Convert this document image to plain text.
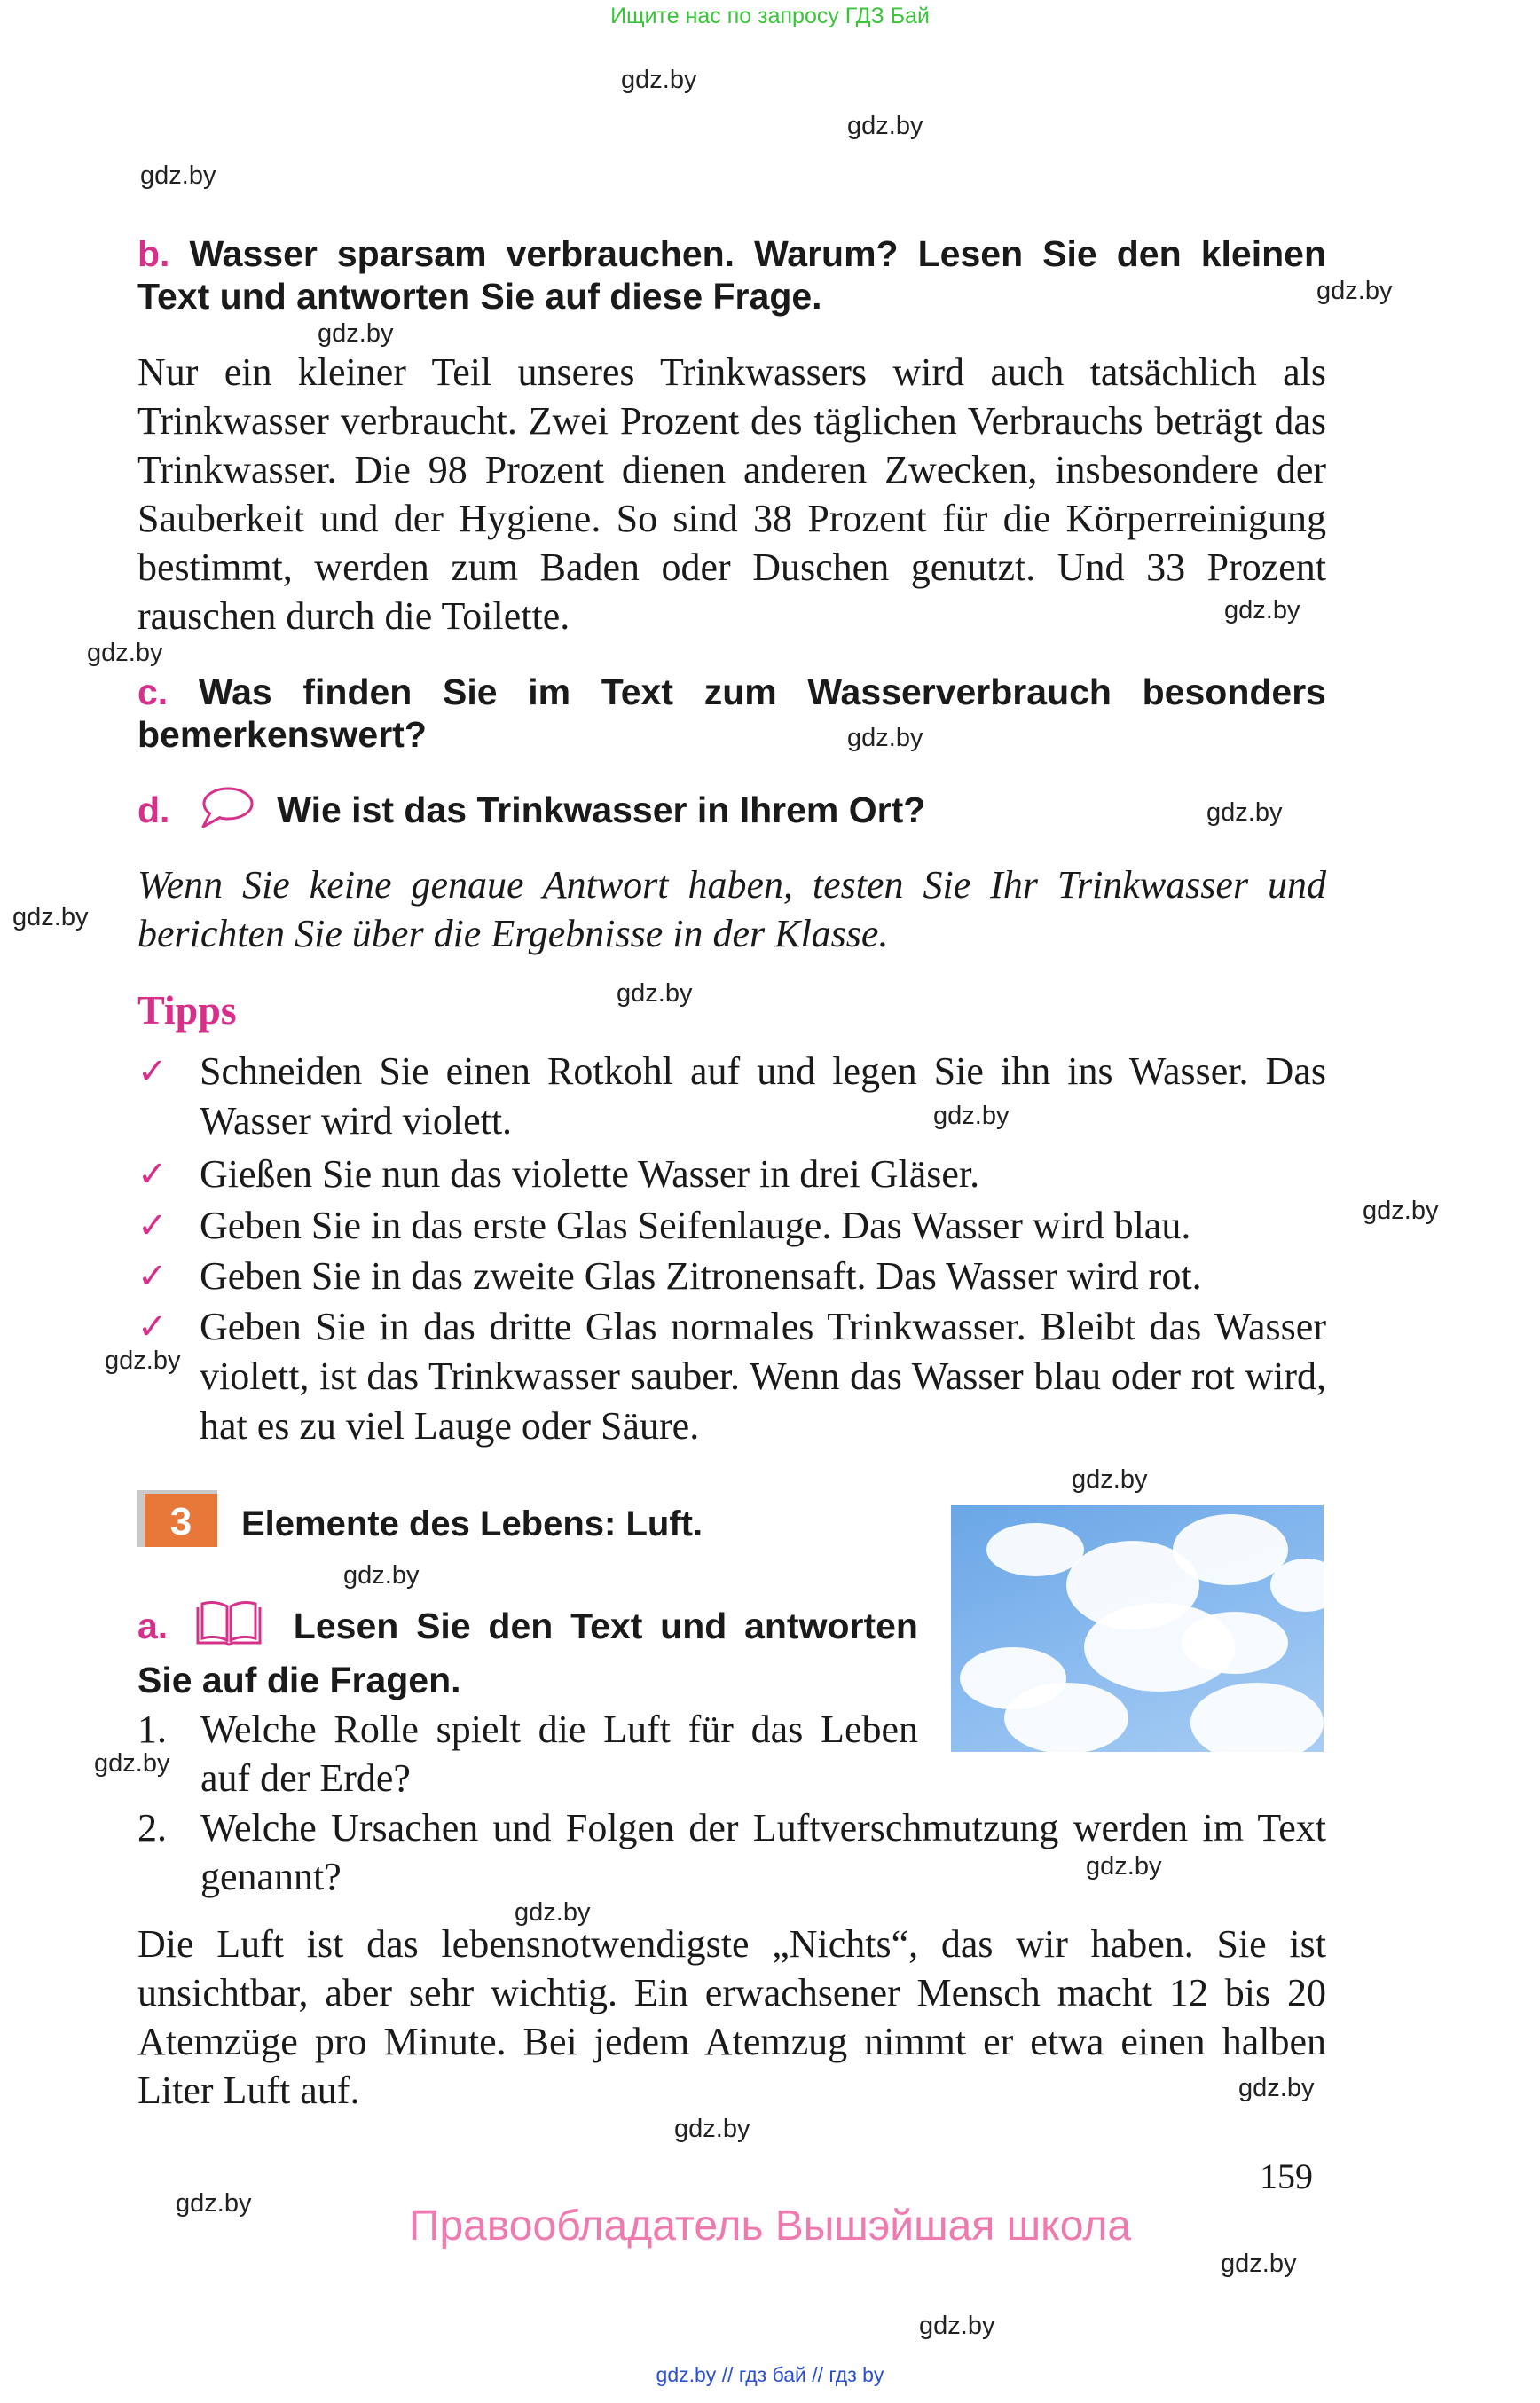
Ищите нас по запросу ГДЗ Бай
gdz.by
gdz.by
gdz.by
gdz.by
gdz.by
gdz.by
gdz.by
gdz.by
gdz.by
gdz.by
gdz.by
gdz.by
gdz.by
gdz.by
gdz.by
gdz.by
gdz.by
gdz.by
gdz.by
gdz.by
gdz.by
gdz.by
gdz.by
gdz.by
b. Wasser sparsam verbrauchen. Warum? Lesen Sie den kleinen Text und antworten Sie auf diese Frage.

Nur ein kleiner Teil unseres Trinkwassers wird auch tatsächlich als Trinkwasser verbraucht. Zwei Prozent des täglichen Verbrauchs beträgt das Trinkwasser. Die 98 Prozent dienen anderen Zwecken, insbesondere der Sauberkeit und der Hygiene. So sind 38 Prozent für die Körperreinigung bestimmt, werden zum Baden oder Duschen genutzt. Und 33 Prozent rauschen durch die Toilette.

c. Was finden Sie im Text zum Wasserverbrauch besonders bemerkenswert?
d.	Wie ist das Trinkwasser in Ihrem Ort?

Wenn Sie keine genaue Antwort haben, testen Sie Ihr Trinkwasser und berichten Sie über die Ergebnisse in der Klasse.

Tipps
✓ Schneiden Sie einen Rotkohl auf und legen Sie ihn ins Wasser. Das Wasser wird violett.
✓ Gießen Sie nun das violette Wasser in drei Gläser.
✓ Geben Sie in das erste Glas Seifenlauge. Das Wasser wird blau.
✓ Geben Sie in das zweite Glas Zitronensaft. Das Wasser wird rot.
✓ Geben Sie in das dritte Glas normales Trinkwasser. Bleibt das Wasser violett, ist das Trinkwasser sauber. Wenn das Wasser blau oder rot wird, hat es zu viel Lauge oder Säure.
3	Elemente des Lebens: Luft.
a.	Lesen Sie den Text und antworten Sie auf die Fragen.
1. Welche Rolle spielt die Luft für das Leben auf der Erde?
2. Welche Ursachen und Folgen der Luftverschmutzung werden im Text genannt?

Die Luft ist das lebensnotwendigste „Nichts“, das wir haben. Sie ist unsichtbar, aber sehr wichtig. Ein erwachsener Mensch macht 12 bis 20 Atemzüge pro Minute. Bei jedem Atemzug nimmt er etwa einen halben Liter Luft auf.

159
Правообладатель Вышэйшая школа
gdz.by // гдз бай // гдз by
